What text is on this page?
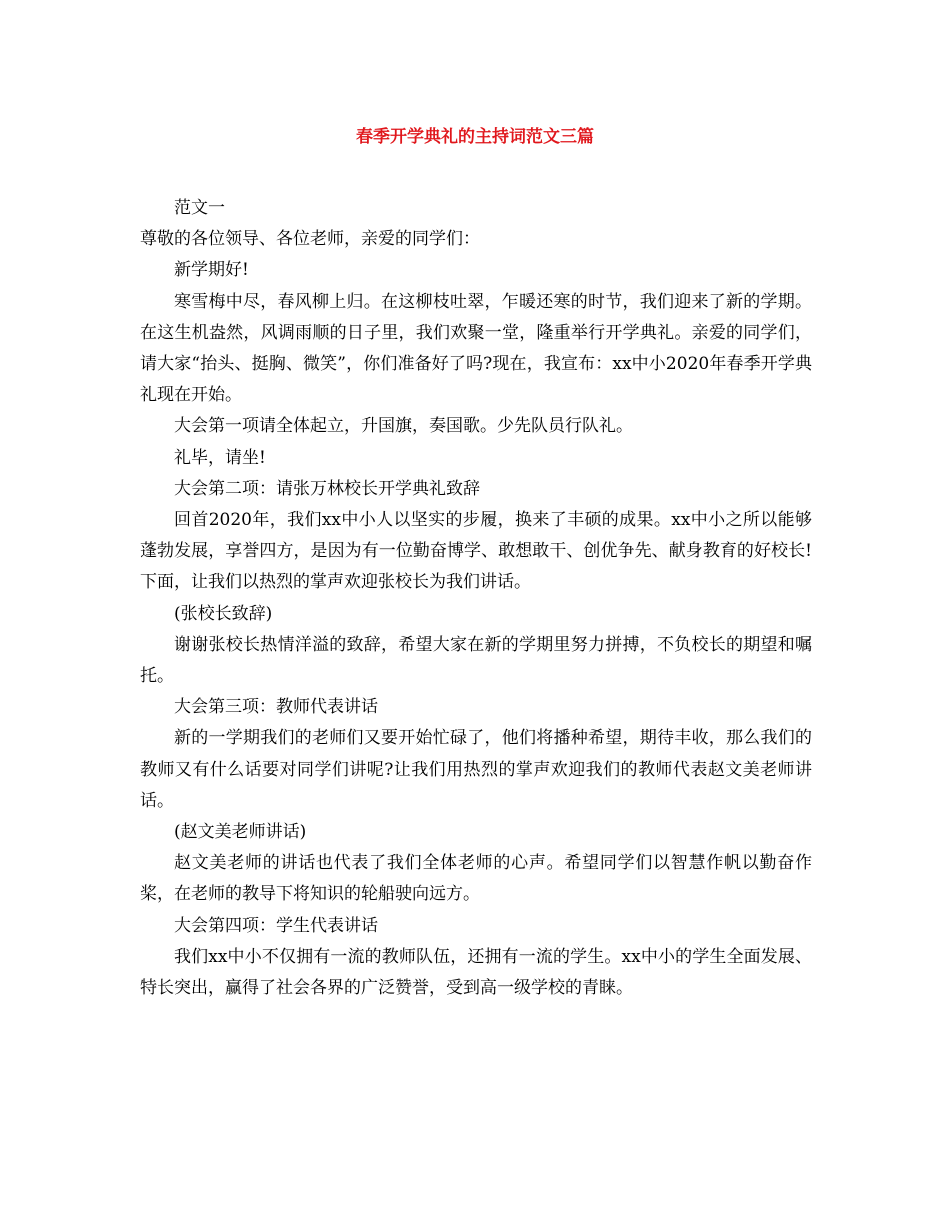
春季开学典礼的主持词范文三篇

范文一

尊敬的各位领导、各位老师，亲爱的同学们：

新学期好!

寒雪梅中尽，春风柳上归。在这柳枝吐翠，乍暖还寒的时节，我们迎来了新的学期。在这生机盎然，风调雨顺的日子里，我们欢聚一堂，隆重举行开学典礼。亲爱的同学们，请大家“抬头、挺胸、微笑”，你们准备好了吗?现在，我宣布：xx中小2020年春季开学典礼现在开始。

大会第一项请全体起立，升国旗，奏国歌。少先队员行队礼。

礼毕，请坐!

大会第二项：请张万林校长开学典礼致辞

回首2020年，我们xx中小人以坚实的步履，换来了丰硕的成果。xx中小之所以能够蓬勃发展，享誉四方，是因为有一位勤奋博学、敢想敢干、创优争先、献身教育的好校长!下面，让我们以热烈的掌声欢迎张校长为我们讲话。

(张校长致辞)

谢谢张校长热情洋溢的致辞，希望大家在新的学期里努力拼搏，不负校长的期望和嘱托。

大会第三项：教师代表讲话

新的一学期我们的老师们又要开始忙碌了，他们将播种希望，期待丰收，那么我们的教师又有什么话要对同学们讲呢?让我们用热烈的掌声欢迎我们的教师代表赵文美老师讲话。

(赵文美老师讲话)

赵文美老师的讲话也代表了我们全体老师的心声。希望同学们以智慧作帆以勤奋作桨，在老师的教导下将知识的轮船驶向远方。

大会第四项：学生代表讲话

我们xx中小不仅拥有一流的教师队伍，还拥有一流的学生。xx中小的学生全面发展、特长突出，赢得了社会各界的广泛赞誉，受到高一级学校的青睐。
